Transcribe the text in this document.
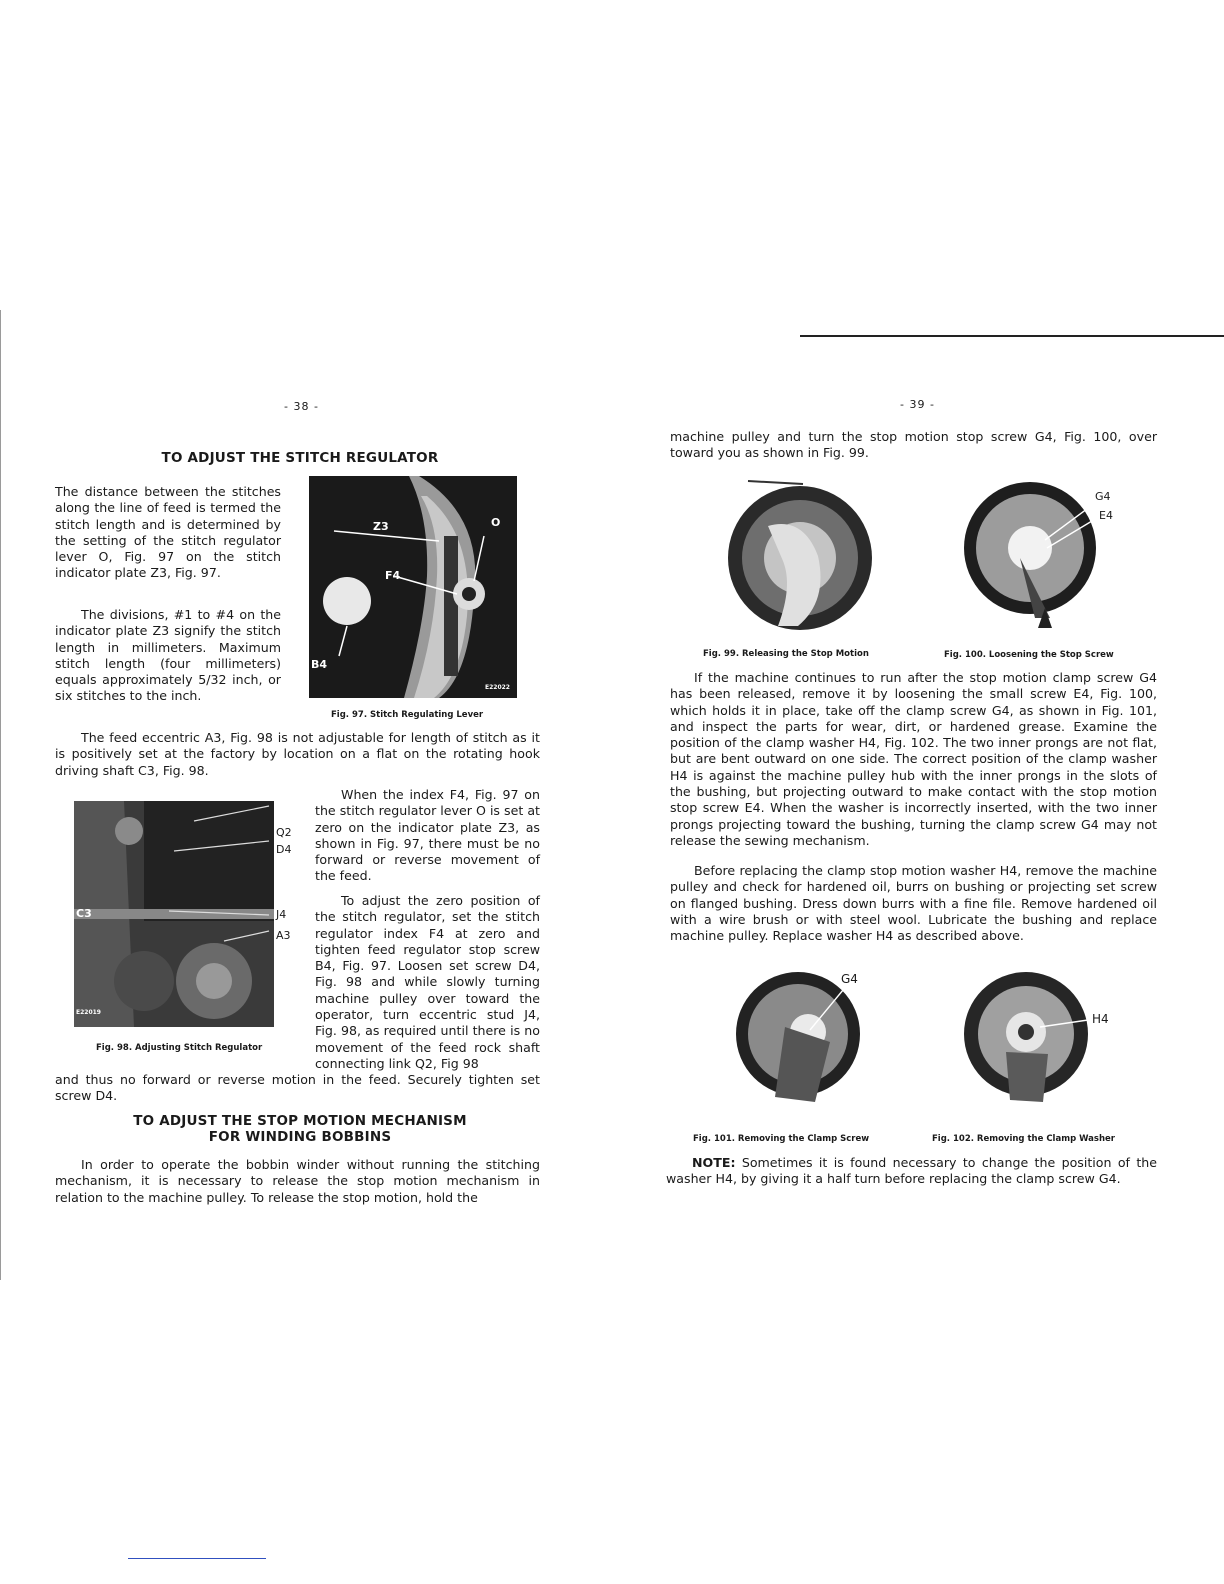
- 38 -
TO ADJUST THE STITCH REGULATOR

The distance between the stitches along the line of feed is termed the stitch length and is determined by the setting of the stitch regulator lever O, Fig. 97 on the stitch indicator plate Z3, Fig. 97.

The divisions, #1 to #4 on the indicator plate Z3 signify the stitch length in millimeters. Maximum stitch length (four millimeters) equals approximately 5/32 inch, or six stitches to the inch.

Z3	O
F4
B4
E22022
Fig. 97. Stitch Regulating Lever

The feed eccentric A3, Fig. 98 is not adjustable for length of stitch as it is positively set at the factory by location on a flat on the rotating hook driving shaft C3, Fig. 98.

C3
E22019
Q2
D4
J4
A3
Fig. 98. Adjusting Stitch Regulator

When the index F4, Fig. 97 on the stitch regulator lever O is set at zero on the indicator plate Z3, as shown in Fig. 97, there must be no forward or reverse movement of the feed.

To adjust the zero position of the stitch regulator, set the stitch regulator index F4 at zero and tighten feed regulator stop screw B4, Fig. 97. Loosen set screw D4, Fig. 98 and while slowly turning machine pulley over toward the operator, turn eccentric stud J4, Fig. 98, as required until there is no movement of the feed rock shaft connecting link Q2, Fig 98

and thus no forward or reverse motion in the feed. Securely tighten set screw D4.

TO ADJUST THE STOP MOTION MECHANISM
FOR WINDING BOBBINS

In order to operate the bobbin winder without running the stitching mechanism, it is necessary to release the stop motion mechanism in relation to the machine pulley. To release the stop motion, hold the

- 39 -

machine pulley and turn the stop motion stop screw G4, Fig. 100, over toward you as shown in Fig. 99.

Fig. 99. Releasing the Stop Motion
G4
E4
Fig. 100. Loosening the Stop Screw

If the machine continues to run after the stop motion clamp screw G4 has been released, remove it by loosening the small screw E4, Fig. 100, which holds it in place, take off the clamp screw G4, as shown in Fig. 101, and inspect the parts for wear, dirt, or hardened grease. Examine the position of the clamp washer H4, Fig. 102. The two inner prongs are not flat, but are bent outward on one side. The correct position of the clamp washer H4 is against the machine pulley hub with the inner prongs in the slots of the bushing, but projecting outward to make contact with the stop motion stop screw E4. When the washer is incorrectly inserted, with the two inner prongs projecting toward the bushing, turning the clamp screw G4 may not release the sewing mechanism.

Before replacing the clamp stop motion washer H4, remove the machine pulley and check for hardened oil, burrs on bushing or projecting set screw on flanged bushing. Dress down burrs with a fine file. Remove hardened oil with a wire brush or with steel wool. Lubricate the bushing and replace machine pulley. Replace washer H4 as described above.

G4
Fig. 101. Removing the Clamp Screw
H4
Fig. 102. Removing the Clamp Washer

NOTE: Sometimes it is found necessary to change the position of the washer H4, by giving it a half turn before replacing the clamp screw G4.
